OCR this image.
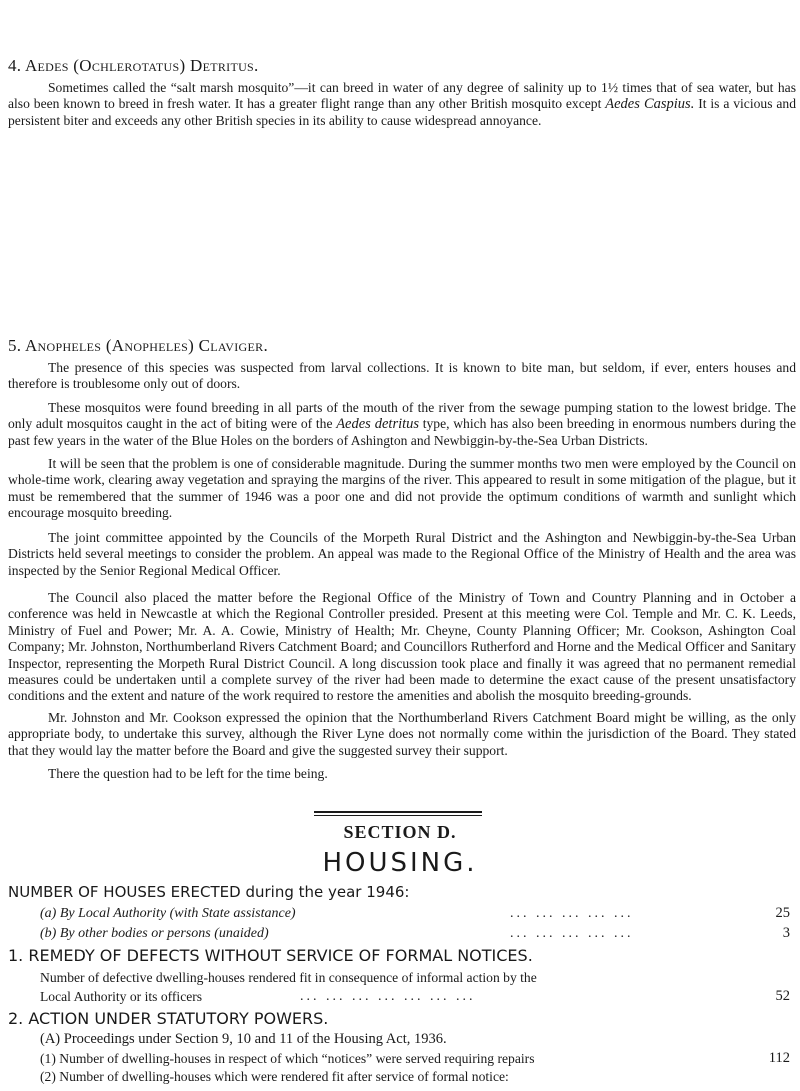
4. Aedes (Ochlerotatus) Detritus.

Sometimes called the “salt marsh mosquito”—it can breed in water of any degree of salinity up to 1½ times that of sea water, but has also been known to breed in fresh water. It has a greater flight range than any other British mosquito except Aedes Caspius. It is a vicious and persistent biter and exceeds any other British species in its ability to cause widespread annoyance.

5. Anopheles (Anopheles) Claviger.

The presence of this species was suspected from larval collections. It is known to bite man, but seldom, if ever, enters houses and therefore is troublesome only out of doors.

These mosquitos were found breeding in all parts of the mouth of the river from the sewage pumping station to the lowest bridge. The only adult mosquitos caught in the act of biting were of the Aedes detritus type, which has also been breeding in enormous numbers during the past few years in the water of the Blue Holes on the borders of Ashington and Newbiggin-by-the-Sea Urban Districts.

It will be seen that the problem is one of considerable magnitude. During the summer months two men were employed by the Council on whole-time work, clearing away vegetation and spraying the margins of the river. This appeared to result in some mitigation of the plague, but it must be remembered that the summer of 1946 was a poor one and did not provide the optimum conditions of warmth and sunlight which encourage mosquito breeding.

The joint committee appointed by the Councils of the Morpeth Rural District and the Ashington and Newbiggin-by-the-Sea Urban Districts held several meetings to consider the problem. An appeal was made to the Regional Office of the Ministry of Health and the area was inspected by the Senior Regional Medical Officer.

The Council also placed the matter before the Regional Office of the Ministry of Town and Country Planning and in October a conference was held in Newcastle at which the Regional Controller presided. Present at this meeting were Col. Temple and Mr. C. K. Leeds, Ministry of Fuel and Power; Mr. A. A. Cowie, Ministry of Health; Mr. Cheyne, County Planning Officer; Mr. Cookson, Ashington Coal Company; Mr. Johnston, Northumberland Rivers Catchment Board; and Councillors Rutherford and Horne and the Medical Officer and Sanitary Inspector, representing the Morpeth Rural District Council. A long discussion took place and finally it was agreed that no permanent remedial measures could be undertaken until a complete survey of the river had been made to determine the exact cause of the present unsatisfactory conditions and the extent and nature of the work required to restore the amenities and abolish the mosquito breeding-grounds.

Mr. Johnston and Mr. Cookson expressed the opinion that the Northumberland Rivers Catchment Board might be willing, as the only appropriate body, to undertake this survey, although the River Lyne does not normally come within the jurisdiction of the Board. They stated that they would lay the matter before the Board and give the suggested survey their support.

There the question had to be left for the time being.

SECTION D.
HOUSING.
NUMBER OF HOUSES ERECTED during the year 1946:
(a) By Local Authority (with State assistance)	... ... ... ... ...	25
(b) By other bodies or persons (unaided)	... ... ... ... ...	3
1. REMEDY OF DEFECTS WITHOUT SERVICE OF FORMAL NOTICES.
Number of defective dwelling-houses rendered fit in consequence of informal action by the
Local Authority or its officers	... ... ... ... ... ... ...	52
2. ACTION UNDER STATUTORY POWERS.
(A) Proceedings under Section 9, 10 and 11 of the Housing Act, 1936.
(1) Number of dwelling-houses in respect of which “notices” were served requiring repairs	112
(2) Number of dwelling-houses which were rendered fit after service of formal notice:
